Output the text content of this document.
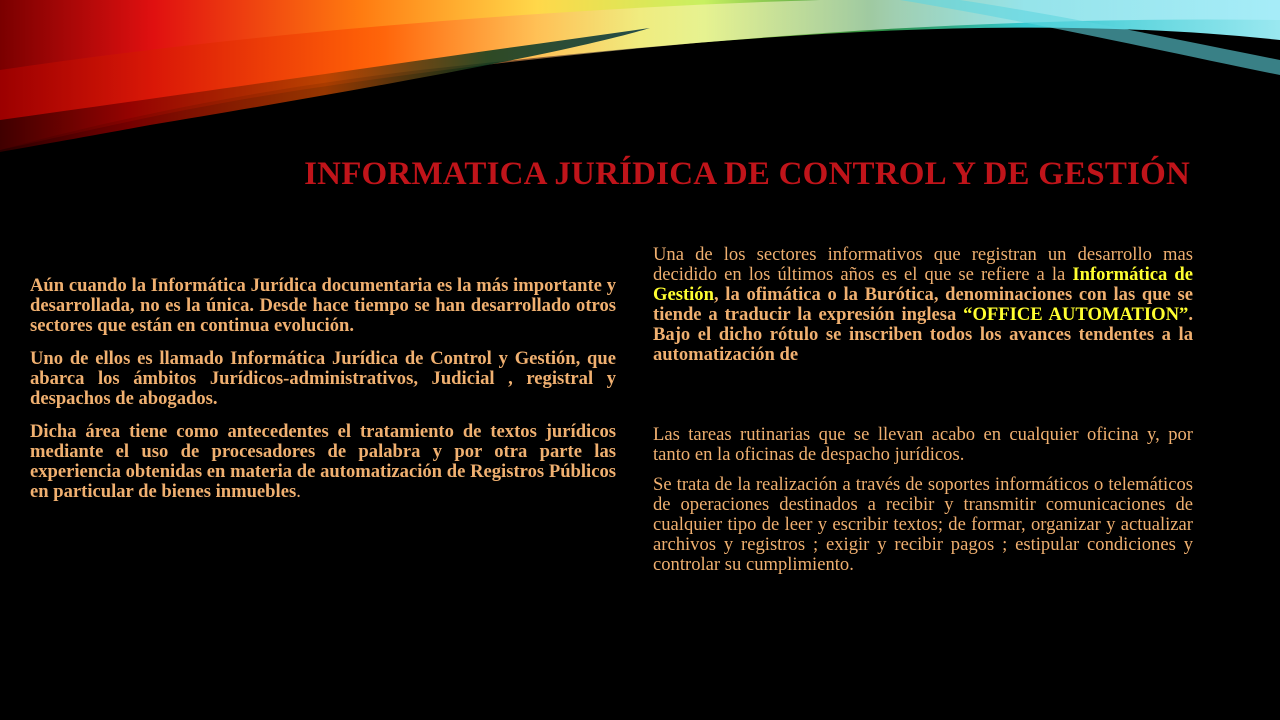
INFORMATICA JURÍDICA DE CONTROL Y DE GESTIÓN

Aún cuando la Informática Jurídica documentaria es la más importante y desarrollada, no es la única. Desde hace tiempo se han desarrollado otros sectores que están en continua evolución.

Uno de ellos es llamado Informática Jurídica de Control y Gestión, que abarca los ámbitos Jurídicos-administrativos, Judicial , registral y despachos de abogados.

Dicha área tiene como antecedentes el tratamiento de textos jurídicos mediante el uso de procesadores de palabra y por otra parte las experiencia obtenidas en materia de automatización de Registros Públicos en particular de bienes inmuebles.

Una de los sectores informativos que registran un desarrollo mas decidido en los últimos años es el que se refiere a la Informática de Gestión, la ofimática o la Burótica, denominaciones con las que se tiende a traducir la expresión inglesa “OFFICE AUTOMATION”. Bajo el dicho rótulo se inscriben todos los avances tendentes a la automatización de

Las tareas rutinarias que se llevan acabo en cualquier oficina y, por tanto en la oficinas de despacho jurídicos.

Se trata de la realización a través de soportes informáticos o telemáticos de operaciones destinados a recibir y transmitir comunicaciones de cualquier tipo de leer y escribir textos; de formar, organizar y actualizar archivos y registros ; exigir y recibir pagos ; estipular condiciones y controlar su cumplimiento.
